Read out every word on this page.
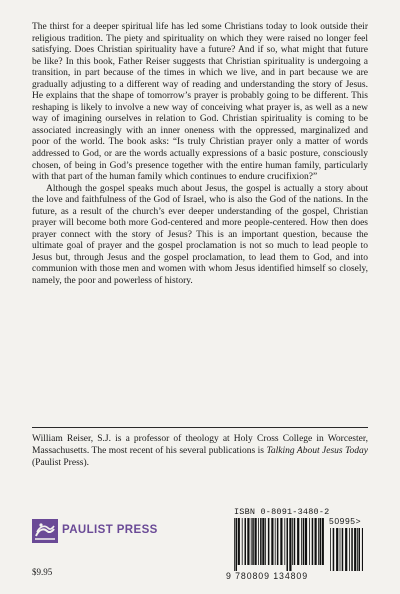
The thirst for a deeper spiritual life has led some Christians today to look outside their religious tradition. The piety and spirituality on which they were raised no longer feel satisfying. Does Christian spirituality have a future? And if so, what might that future be like? In this book, Father Reiser suggests that Christian spirituality is undergoing a transition, in part because of the times in which we live, and in part because we are gradually adjusting to a different way of reading and understanding the story of Jesus. He explains that the shape of tomorrow’s prayer is probably going to be different. This reshaping is likely to involve a new way of conceiving what prayer is, as well as a new way of imagining ourselves in relation to God. Christian spirituality is coming to be associated increasingly with an inner oneness with the oppressed, marginalized and poor of the world. The book asks: “Is truly Christian prayer only a matter of words addressed to God, or are the words actually expressions of a basic posture, consciously chosen, of being in God’s presence together with the entire human family, particularly with that part of the human family which continues to endure crucifixion?”

Although the gospel speaks much about Jesus, the gospel is actually a story about the love and faithfulness of the God of Israel, who is also the God of the nations. In the future, as a result of the church’s ever deeper understanding of the gospel, Christian prayer will become both more God-centered and more people-centered. How then does prayer connect with the story of Jesus? This is an important question, because the ultimate goal of prayer and the gospel proclamation is not so much to lead people to Jesus but, through Jesus and the gospel proclamation, to lead them to God, and into communion with those men and women with whom Jesus identified himself so closely, namely, the poor and powerless of history.

William Reiser, S.J. is a professor of theology at Holy Cross College in Worcester, Massachusetts. The most recent of his several publications is Talking About Jesus Today (Paulist Press).

PAULIST PRESS
$9.95
ISBN 0-8091-3480-2
50995>
9 780809 134809
